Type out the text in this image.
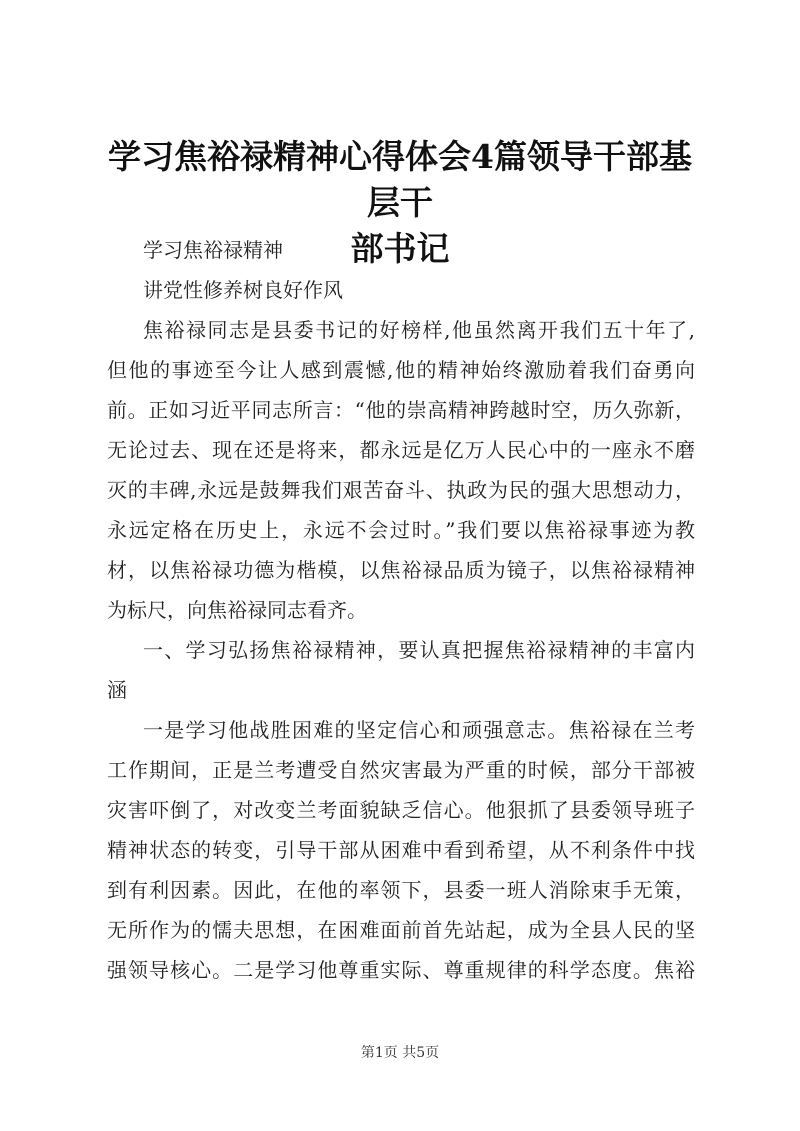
学习焦裕禄精神心得体会4篇领导干部基层干
部书记
学习焦裕禄精神
讲党性修养树良好作风
焦裕禄同志是县委书记的好榜样,他虽然离开我们五十年了,
但他的事迹至今让人感到震憾,他的精神始终激励着我们奋勇向
前。正如习近平同志所言：“他的崇高精神跨越时空，历久弥新，
无论过去、现在还是将来，都永远是亿万人民心中的一座永不磨
灭的丰碑,永远是鼓舞我们艰苦奋斗、执政为民的强大思想动力，
永远定格在历史上，永远不会过时。”我们要以焦裕禄事迹为教
材，以焦裕禄功德为楷模，以焦裕禄品质为镜子，以焦裕禄精神
为标尺，向焦裕禄同志看齐。
一、学习弘扬焦裕禄精神，要认真把握焦裕禄精神的丰富内
涵
一是学习他战胜困难的坚定信心和顽强意志。焦裕禄在兰考
工作期间，正是兰考遭受自然灾害最为严重的时候，部分干部被
灾害吓倒了，对改变兰考面貌缺乏信心。他狠抓了县委领导班子
精神状态的转变，引导干部从困难中看到希望，从不利条件中找
到有利因素。因此，在他的率领下，县委一班人消除束手无策，
无所作为的懦夫思想，在困难面前首先站起，成为全县人民的坚
强领导核心。二是学习他尊重实际、尊重规律的科学态度。焦裕
第1页 共5页
